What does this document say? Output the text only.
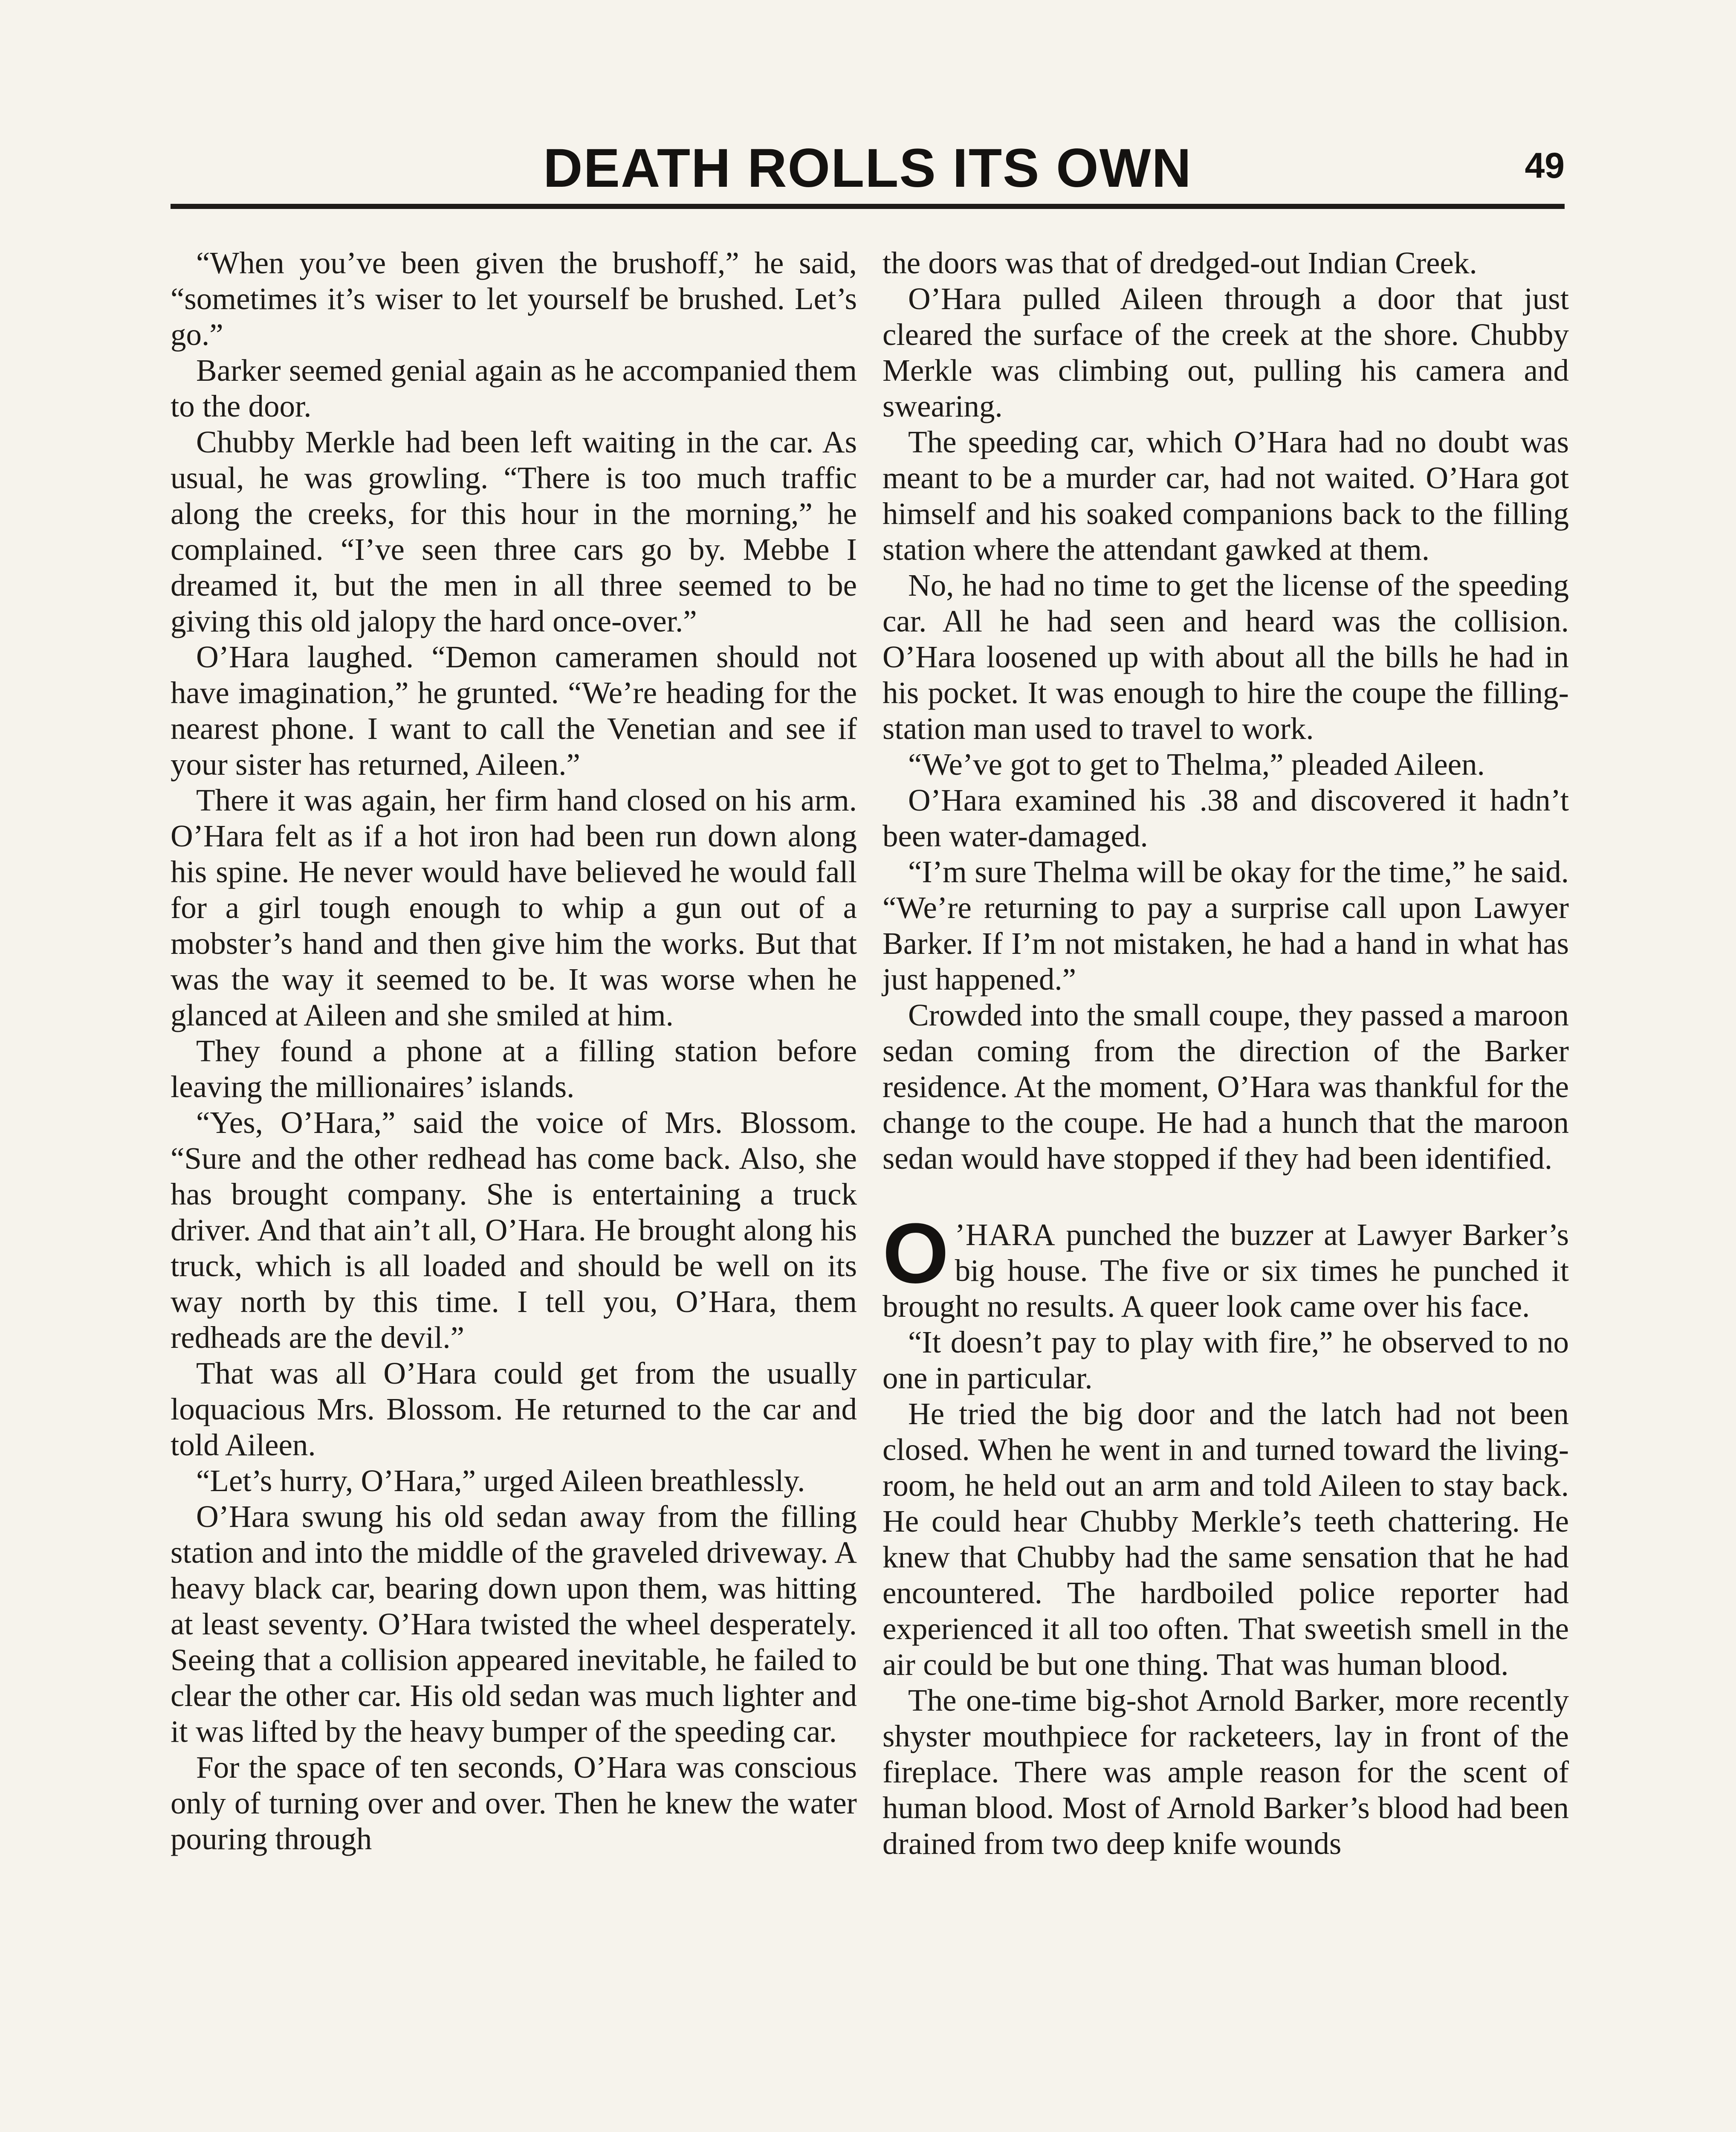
DEATH ROLLS ITS OWN	49

“When you’ve been given the brushoff,” he said, “sometimes it’s wiser to let yourself be brushed. Let’s go.”

Barker seemed genial again as he accompanied them to the door.

Chubby Merkle had been left waiting in the car. As usual, he was growling. “There is too much traffic along the creeks, for this hour in the morning,” he complained. “I’ve seen three cars go by. Mebbe I dreamed it, but the men in all three seemed to be giving this old jalopy the hard once-over.”

O’Hara laughed. “Demon cameramen should not have imagination,” he grunted. “We’re heading for the nearest phone. I want to call the Venetian and see if your sister has returned, Aileen.”

There it was again, her firm hand closed on his arm. O’Hara felt as if a hot iron had been run down along his spine. He never would have believed he would fall for a girl tough enough to whip a gun out of a mobster’s hand and then give him the works. But that was the way it seemed to be. It was worse when he glanced at Aileen and she smiled at him.

They found a phone at a filling station before leaving the millionaires’ islands.

“Yes, O’Hara,” said the voice of Mrs. Blossom. “Sure and the other redhead has come back. Also, she has brought company. She is entertaining a truck driver. And that ain’t all, O’Hara. He brought along his truck, which is all loaded and should be well on its way north by this time. I tell you, O’Hara, them redheads are the devil.”

That was all O’Hara could get from the usually loquacious Mrs. Blossom. He returned to the car and told Aileen.

“Let’s hurry, O’Hara,” urged Aileen breathlessly.

O’Hara swung his old sedan away from the filling station and into the middle of the graveled driveway. A heavy black car, bearing down upon them, was hitting at least seventy. O’Hara twisted the wheel desperately. Seeing that a collision appeared inevitable, he failed to clear the other car. His old sedan was much lighter and it was lifted by the heavy bumper of the speeding car.

For the space of ten seconds, O’Hara was conscious only of turning over and over. Then he knew the water pouring through

the doors was that of dredged-out Indian Creek.

O’Hara pulled Aileen through a door that just cleared the surface of the creek at the shore. Chubby Merkle was climbing out, pulling his camera and swearing.

The speeding car, which O’Hara had no doubt was meant to be a murder car, had not waited. O’Hara got himself and his soaked companions back to the filling station where the attendant gawked at them.

No, he had no time to get the license of the speeding car. All he had seen and heard was the collision. O’Hara loosened up with about all the bills he had in his pocket. It was enough to hire the coupe the filling-station man used to travel to work.

“We’ve got to get to Thelma,” pleaded Aileen.

O’Hara examined his .38 and discovered it hadn’t been water-damaged.

“I’m sure Thelma will be okay for the time,” he said. “We’re returning to pay a surprise call upon Lawyer Barker. If I’m not mistaken, he had a hand in what has just happened.”

Crowded into the small coupe, they passed a maroon sedan coming from the direction of the Barker residence. At the moment, O’Hara was thankful for the change to the coupe. He had a hunch that the maroon sedan would have stopped if they had been identified.

O ’HARA punched the buzzer at Lawyer Barker’s big house. The five or six times he punched it brought no results. A queer look came over his face.

“It doesn’t pay to play with fire,” he observed to no one in particular.

He tried the big door and the latch had not been closed. When he went in and turned toward the living-room, he held out an arm and told Aileen to stay back. He could hear Chubby Merkle’s teeth chattering. He knew that Chubby had the same sensation that he had encountered. The hardboiled police reporter had experienced it all too often. That sweetish smell in the air could be but one thing. That was human blood.

The one-time big-shot Arnold Barker, more recently shyster mouthpiece for racketeers, lay in front of the fireplace. There was ample reason for the scent of human blood. Most of Arnold Barker’s blood had been drained from two deep knife wounds
